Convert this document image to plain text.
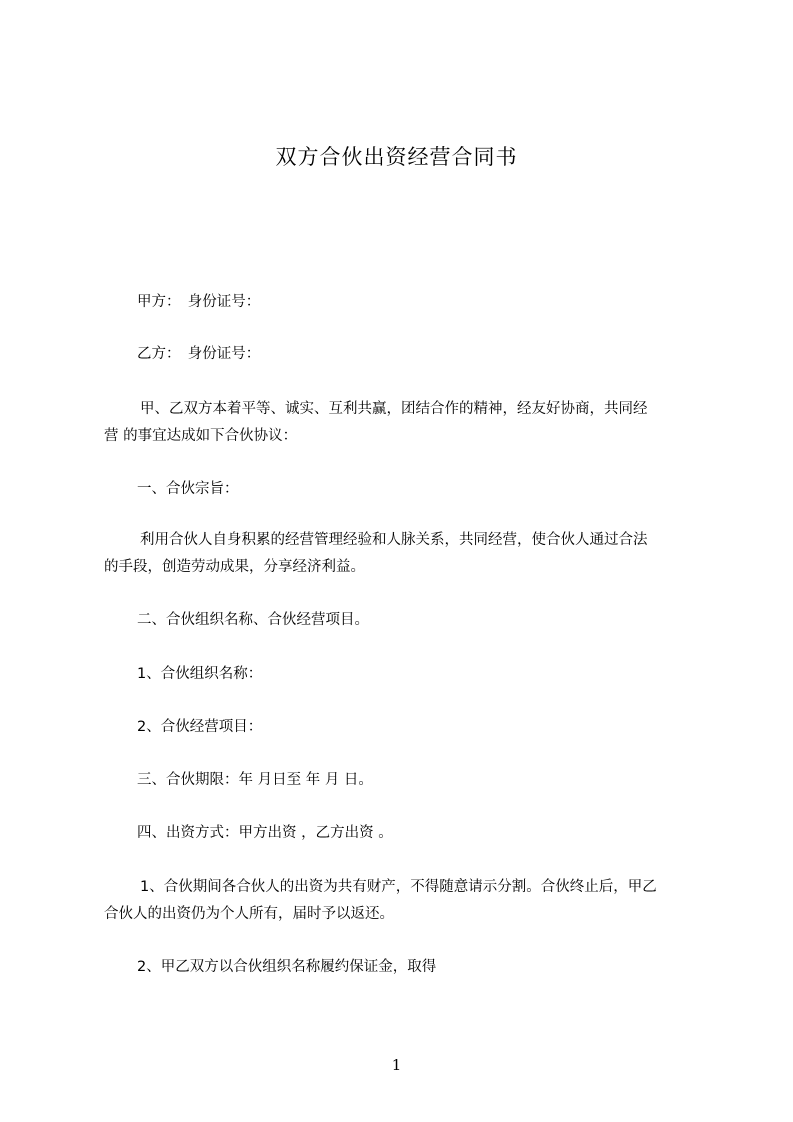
双方合伙出资经营合同书
甲方：　身份证号：
乙方：　身份证号：
甲、乙双方本着平等、诚实、互利共赢，团结合作的精神，经友好协商，共同经
营 的事宜达成如下合伙协议：
一、合伙宗旨：
利用合伙人自身积累的经营管理经验和人脉关系，共同经营，使合伙人通过合法
的手段，创造劳动成果，分享经济利益。
二、合伙组织名称、合伙经营项目。
1、合伙组织名称：
2、合伙经营项目：
三、合伙期限：年 月日至 年 月 日。
四、出资方式：甲方出资 ，乙方出资 。
1、合伙期间各合伙人的出资为共有财产，不得随意请示分割。合伙终止后，甲乙
合伙人的出资仍为个人所有，届时予以返还。
2、甲乙双方以合伙组织名称履约保证金，取得
1
